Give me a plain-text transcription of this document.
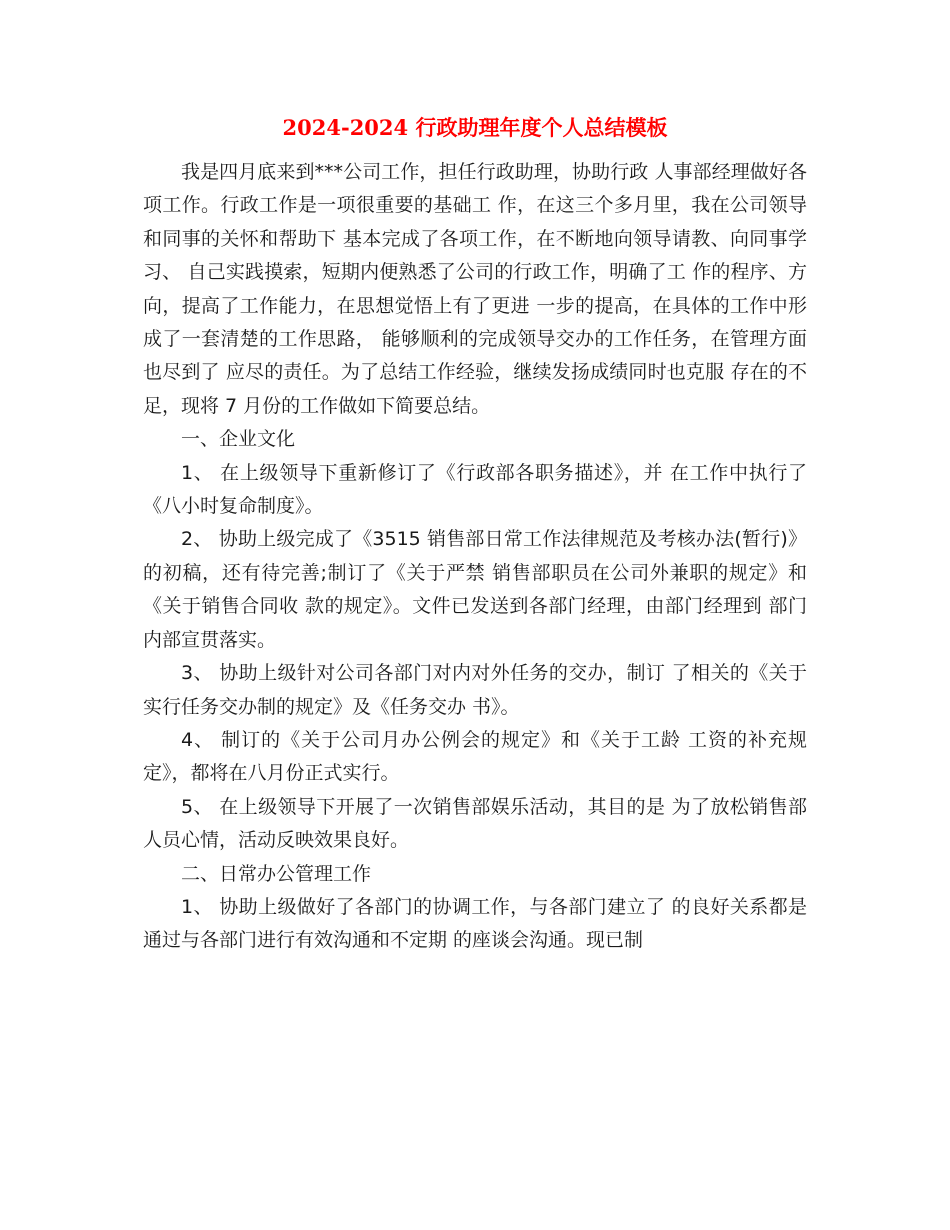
2024-2024 行政助理年度个人总结模板

我是四月底来到***公司工作，担任行政助理，协助行政 人事部经理做好各项工作。行政工作是一项很重要的基础工 作，在这三个多月里，我在公司领导和同事的关怀和帮助下 基本完成了各项工作，在不断地向领导请教、向同事学习、 自己实践摸索，短期内便熟悉了公司的行政工作，明确了工 作的程序、方向，提高了工作能力，在思想觉悟上有了更进 一步的提高，在具体的工作中形成了一套清楚的工作思路， 能够顺利的完成领导交办的工作任务，在管理方面也尽到了 应尽的责任。为了总结工作经验，继续发扬成绩同时也克服 存在的不足，现将 7 月份的工作做如下简要总结。

一、企业文化

1、 在上级领导下重新修订了《行政部各职务描述》，并 在工作中执行了《八小时复命制度》。

2、 协助上级完成了《3515 销售部日常工作法律规范及考核办法(暂行)》的初稿，还有待完善;制订了《关于严禁 销售部职员在公司外兼职的规定》和《关于销售合同收 款的规定》。文件已发送到各部门经理，由部门经理到 部门内部宣贯落实。

3、 协助上级针对公司各部门对内对外任务的交办，制订 了相关的《关于实行任务交办制的规定》及《任务交办 书》。

4、 制订的《关于公司月办公例会的规定》和《关于工龄 工资的补充规定》，都将在八月份正式实行。

5、 在上级领导下开展了一次销售部娱乐活动，其目的是 为了放松销售部人员心情，活动反映效果良好。

二、日常办公管理工作

1、 协助上级做好了各部门的协调工作，与各部门建立了 的良好关系都是通过与各部门进行有效沟通和不定期 的座谈会沟通。现已制
